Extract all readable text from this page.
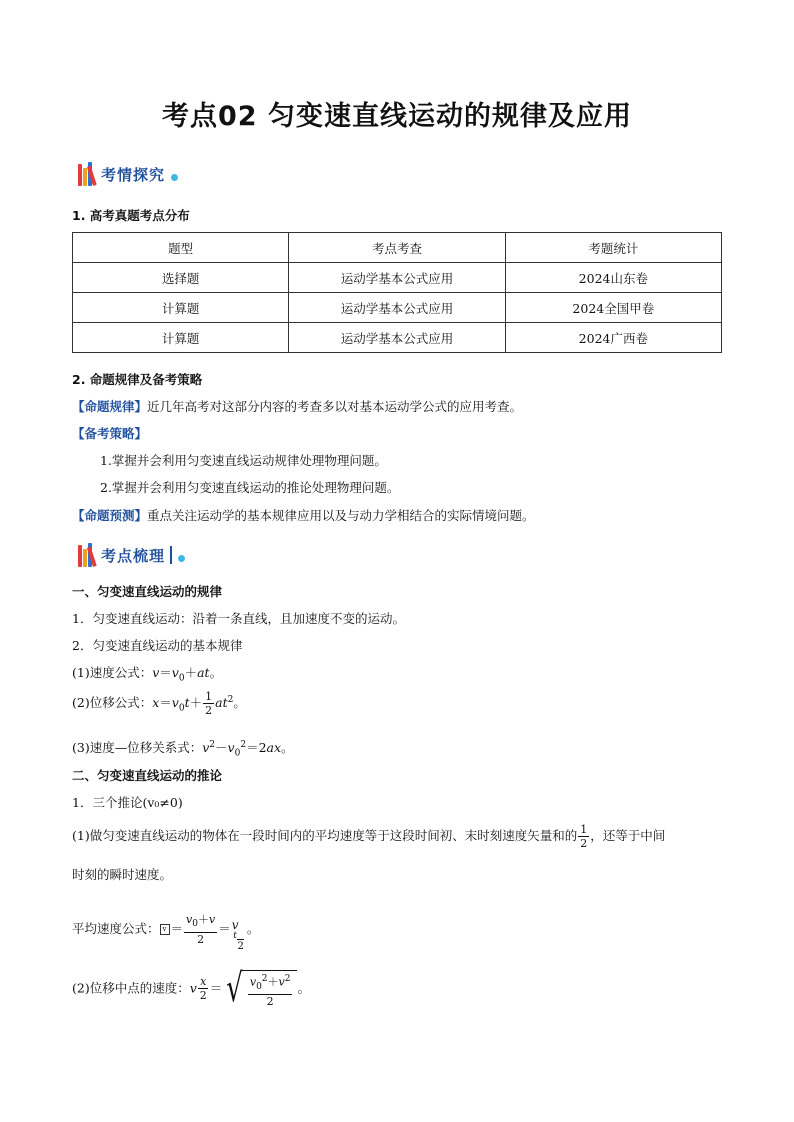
考点02 匀变速直线运动的规律及应用
考情探究
1. 高考真题考点分布
题型	考点考查	考题统计
选择题	运动学基本公式应用	2024山东卷
计算题	运动学基本公式应用	2024全国甲卷
计算题	运动学基本公式应用	2024广西卷
2. 命题规律及备考策略
【命题规律】近几年高考对这部分内容的考查多以对基本运动学公式的应用考查。
【备考策略】
1.掌握并会利用匀变速直线运动规律处理物理问题。
2.掌握并会利用匀变速直线运动的推论处理物理问题。
【命题预测】重点关注运动学的基本规律应用以及与动力学相结合的实际情境问题。
考点梳理
一、匀变速直线运动的规律
1．匀变速直线运动：沿着一条直线，且加速度不变的运动。
2．匀变速直线运动的基本规律
(1)速度公式：$v=v_0+at$。
(2)位移公式：$x=v_0t+ \frac{1}{2} at^2$。
(3)速度—位移关系式：$v^2-v_0^2=2ax$。
二、匀变速直线运动的推论
1．三个推论(v₀≠0)
(1)做匀变速直线运动的物体在一段时间内的平均速度等于这段时间初、末时刻速度矢量和的 $\frac{1}{2}$ ，还等于中间
时刻的瞬时速度。
平均速度公式： $v = \frac{v_0+v}{2} = v$
t

2
。
(2)位移中点的速度：v $\frac{x}{2}$ ＝ √ $\frac{v_0^2+v^2}{2}$ 。
